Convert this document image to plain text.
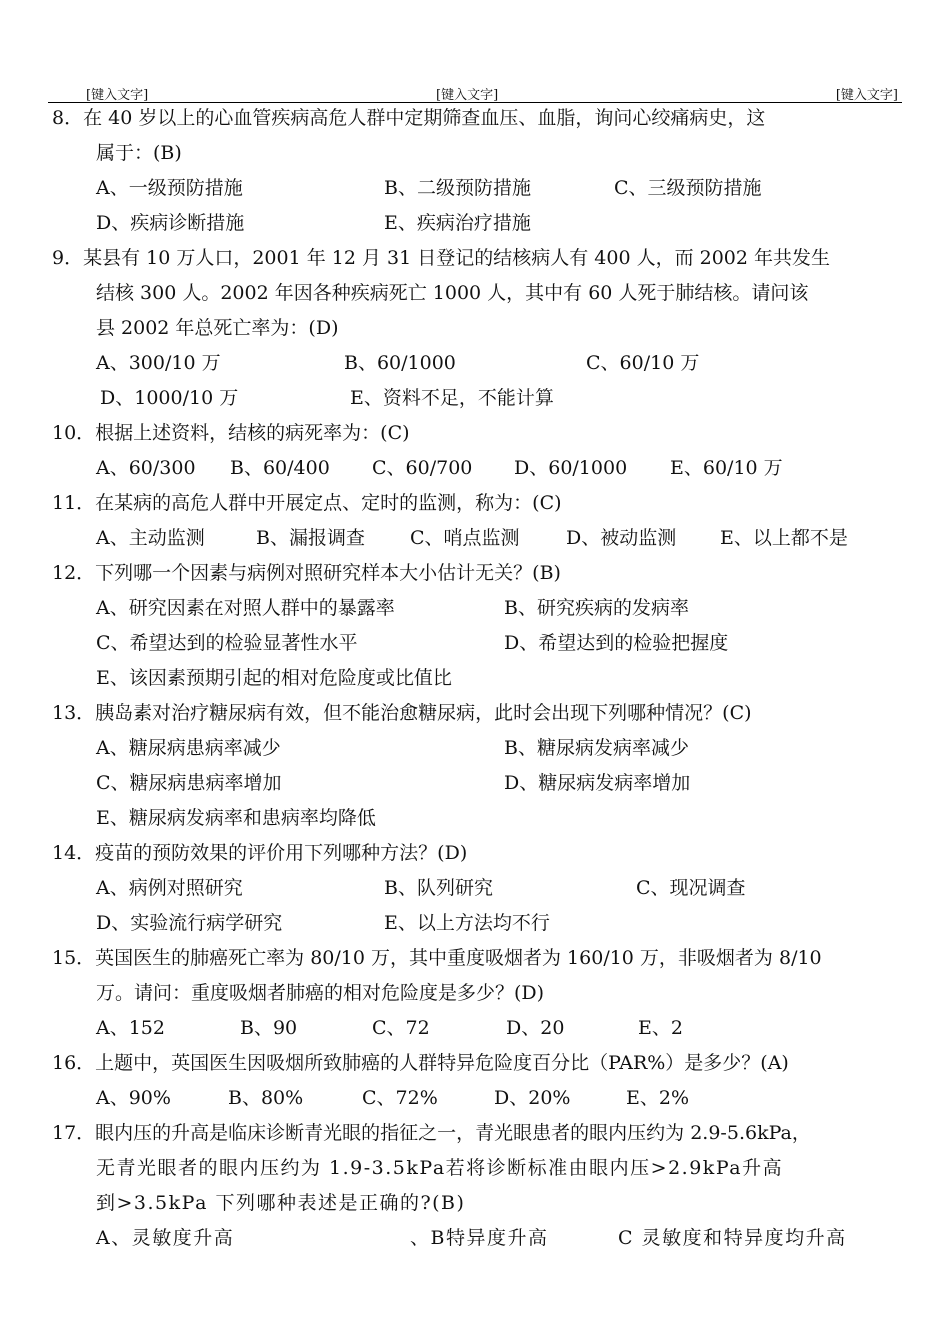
[键入文字]	[键入文字]	[键入文字]
8．在 40 岁以上的心血管疾病高危人群中定期筛查血压、血脂，询问心绞痛病史，这
属于：(B)
A、一级预防措施	B、二级预防措施	C、三级预防措施
D、疾病诊断措施	E、疾病治疗措施
9．某县有 10 万人口，2001 年 12 月 31 日登记的结核病人有 400 人，而 2002 年共发生
结核 300 人。2002 年因各种疾病死亡 1000 人，其中有 60 人死于肺结核。请问该
县 2002 年总死亡率为：(D)
A、300/10 万	B、60/1000	C、60/10 万
D、1000/10 万	E、资料不足，不能计算
10．根据上述资料，结核的病死率为：(C)
A、60/300 B、60/400 C、60/700 D、60/1000 E、60/10 万
11．在某病的高危人群中开展定点、定时的监测，称为：(C)
A、主动监测	B、漏报调查 C、哨点监测 D、被动监测 E、以上都不是
12．下列哪一个因素与病例对照研究样本大小估计无关？(B)
A、研究因素在对照人群中的暴露率	B、研究疾病的发病率
C、希望达到的检验显著性水平	D、希望达到的检验把握度
E、该因素预期引起的相对危险度或比值比
13．胰岛素对治疗糖尿病有效，但不能治愈糖尿病，此时会出现下列哪种情况？(C)
A、糖尿病患病率减少	B、糖尿病发病率减少
C、糖尿病患病率增加	D、糖尿病发病率增加
E、糖尿病发病率和患病率均降低
14．疫苗的预防效果的评价用下列哪种方法？(D)
A、病例对照研究	B、队列研究	C、现况调查
D、实验流行病学研究	E、以上方法均不行
15．英国医生的肺癌死亡率为 80/10 万，其中重度吸烟者为 160/10 万，非吸烟者为 8/10
万。请问：重度吸烟者肺癌的相对危险度是多少？(D)
A、152	B、90	C、72	D、20	E、2
16．上题中，英国医生因吸烟所致肺癌的人群特异危险度百分比（PAR%）是多少？(A)
A、90%	B、80%	C、72%	D、20%	E、2%
17．眼内压的升高是临床诊断青光眼的指征之一，青光眼患者的眼内压约为 2.9-5.6kPa，
无青光眼者的眼内压约为 1.9-3.5kPa若将诊断标准由眼内压>2.9kPa升高
到>3.5kPa 下列哪种表述是正确的?(B)
A、灵敏度升高	、B特异度升高	C 灵敏度和特异度均升高
